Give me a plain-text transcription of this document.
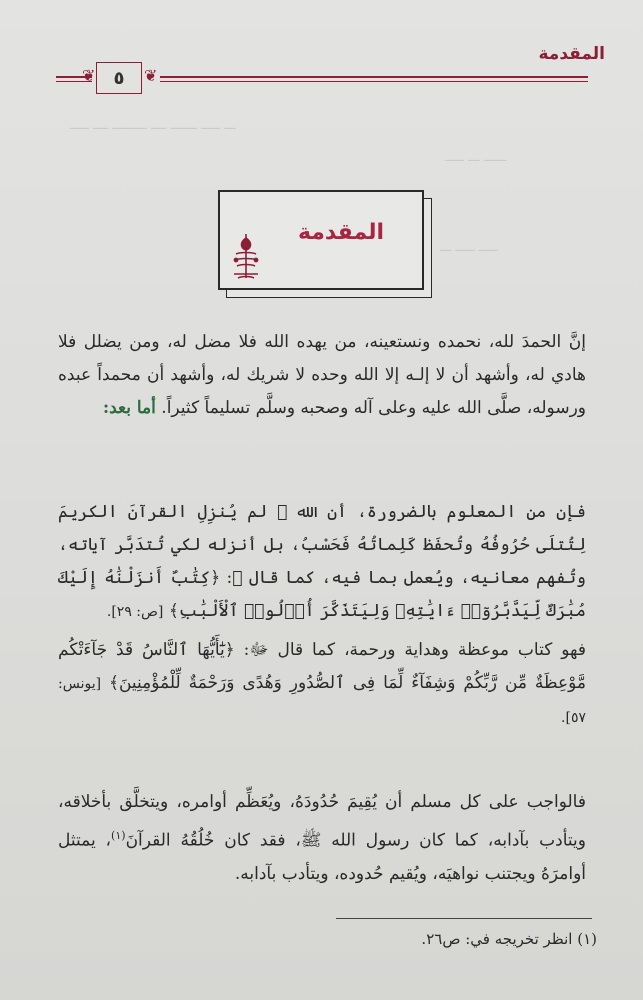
المقدمة
❦	٥	❦
ـــ ـــــ ـــــــ ــــ ـــــــــ ــــ ـــــ
ــــــ ـــ ـــــ
ـــــ ـــــ ـــ
المقدمة

إنَّ الحمدَ لله، نحمده ونستعينه، من يهده الله فلا مضل له، ومن يضلل فلا هادي له، وأشهد أن لا إلـه إلا الله وحده لا شريك له، وأشهد أن محمداً عبده ورسوله، صلَّى الله عليه وعلى آله وصحبه وسلَّم تسليماً كثيراً. أما بعد:

فإن من المعلوم بالضرورة، أن الله ﷻ لم يُنزِلِ القرآنَ الكريمَ لِتُتلَى حُرُوفُهُ وتُحفَظ كَلِماتُهُ فَحَسْبُ، بل أنزله لكي تُتدَبَّر آياته، وتُفهم معانيه، ويُعمل بما فيه، كما قال ﷻ: ﴿كِتَٰبٌ أَنزَلْنَٰهُ إِلَيْكَ مُبَٰرَكٌ لِّيَدَّبَّرُوٓا۟ ءَايَٰتِهِۦ وَلِيَتَذَكَّرَ أُو۟لُوا۟ ٱلْأَلْبَٰبِ﴾ [ص: ٢٩].

فهو كتاب موعظة وهداية ورحمة، كما قال ﷻ: ﴿يَٰٓأَيُّهَا ٱلنَّاسُ قَدْ جَآءَتْكُم مَّوْعِظَةٌ مِّن رَّبِّكُمْ وَشِفَآءٌ لِّمَا فِى ٱلصُّدُورِ وَهُدًى وَرَحْمَةٌ لِّلْمُؤْمِنِينَ﴾ [يونس: ٥٧].

فالواجب على كل مسلم أن يُقِيمَ حُدُودَهُ، ويُعَظِّم أوامره، ويتخلَّق بأخلاقه، ويتأدب بآدابه، كما كان رسول الله ﷺ، فقد كان خُلُقُهُ القرآنَ$^{(١)}$، يمتثل أوامرَهُ ويجتنب نواهيَه، ويُقيم حُدوده، ويتأدب بآدابه.

(١) انظر تخريجه في: ص٢٦.
